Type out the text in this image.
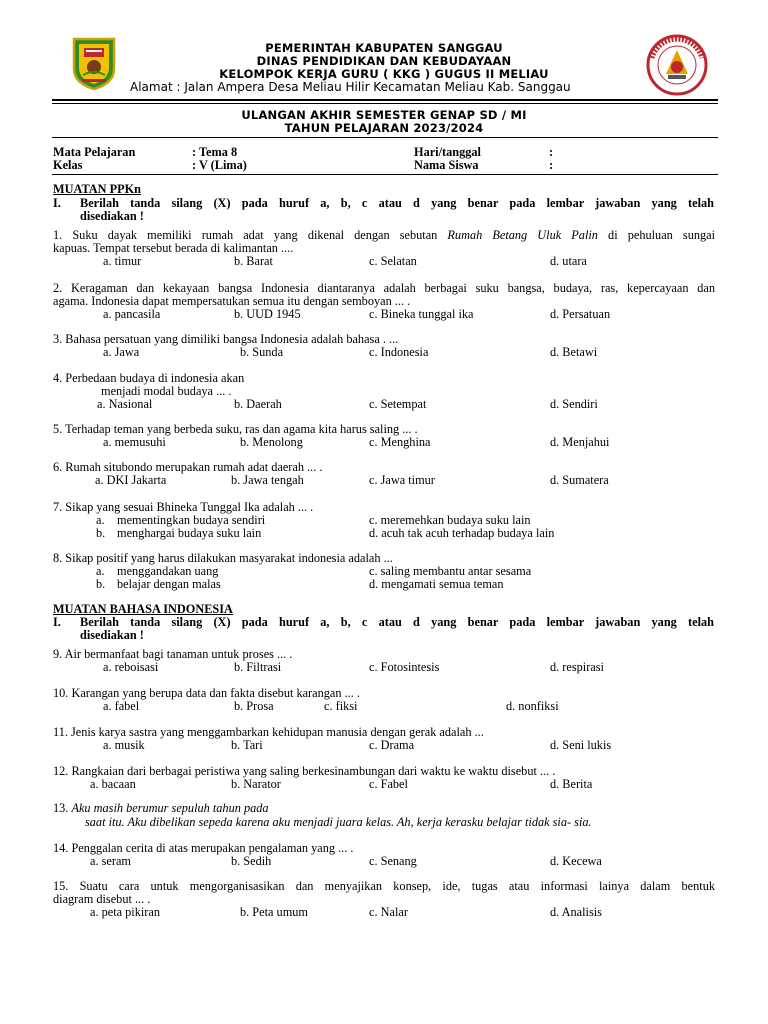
PEMERINTAH KABUPATEN SANGGAU
DINAS PENDIDIKAN DAN KEBUDAYAAN
KELOMPOK KERJA GURU ( KKG ) GUGUS II MELIAU
Alamat : Jalan Ampera Desa Meliau Hilir Kecamatan Meliau Kab. Sanggau
ULANGAN AKHIR SEMESTER GENAP SD / MI
TAHUN PELAJARAN 2023/2024
Mata Pelajaran	: Tema 8	Hari/tanggal	:
Kelas	: V (Lima)	Nama Siswa	:
MUATAN PPKn
I. Berilah tanda silang (X) pada huruf a, b, c atau d yang benar pada lembar jawaban yang telah
disediakan !
1. Suku dayak memiliki rumah adat yang dikenal dengan sebutan Rumah Betang Uluk Palin di pehuluan sungai
kapuas. Tempat tersebut berada di kalimantan ....
a. timur	b. Barat	c. Selatan	d. utara
2. Keragaman dan kekayaan bangsa Indonesia diantaranya adalah berbagai suku bangsa, budaya, ras, kepercayaan dan
agama. Indonesia dapat mempersatukan semua itu dengan semboyan ... .
a. pancasila	b. UUD 1945	c. Bineka tunggal ika	d. Persatuan
3. Bahasa persatuan yang dimiliki bangsa Indonesia adalah bahasa . ...
a. Jawa	b. Sunda	c. Indonesia	d. Betawi
4. Perbedaan budaya di indonesia akan
menjadi modal budaya ... .
a. Nasional	b. Daerah	c. Setempat	d. Sendiri
5. Terhadap teman yang berbeda suku, ras dan agama kita harus saling ... .
a. memusuhi	b. Menolong	c. Menghina	d. Menjahui
6. Rumah situbondo merupakan rumah adat daerah ... .
a. DKI Jakarta	b. Jawa tengah	c. Jawa timur	d. Sumatera
7. Sikap yang sesuai Bhineka Tunggal Ika adalah ... .
a. mementingkan budaya sendiri	c. meremehkan budaya suku lain
b. menghargai budaya suku lain	d. acuh tak acuh terhadap budaya lain
8. Sikap positif yang harus dilakukan masyarakat indonesia adalah ...
a. menggandakan uang	c. saling membantu antar sesama
b. belajar dengan malas	d. mengamati semua teman
MUATAN BAHASA INDONESIA
I. Berilah tanda silang (X) pada huruf a, b, c atau d yang benar pada lembar jawaban yang telah
disediakan !
9. Air bermanfaat bagi tanaman untuk proses ... .
a. reboisasi	b. Filtrasi	c. Fotosintesis	d. respirasi
10. Karangan yang berupa data dan fakta disebut karangan ... .
a. fabel	b. Prosa	c. fiksi	d. nonfiksi
11. Jenis karya sastra yang menggambarkan kehidupan manusia dengan gerak adalah ...
a. musik	b. Tari	c. Drama	d. Seni lukis
12. Rangkaian dari berbagai peristiwa yang saling berkesinambungan dari waktu ke waktu disebut ... .
a. bacaan	b. Narator	c. Fabel	d. Berita
13. Aku masih berumur sepuluh tahun pada
saat itu. Aku dibelikan sepeda karena aku menjadi juara kelas. Ah, kerja kerasku belajar tidak sia- sia.
14. Penggalan cerita di atas merupakan pengalaman yang ... .
a. seram	b. Sedih	c. Senang	d. Kecewa
15. Suatu cara untuk mengorganisasikan dan menyajikan konsep, ide, tugas atau informasi lainya dalam bentuk
diagram disebut ... .
a. peta pikiran	b. Peta umum	c. Nalar	d. Analisis
